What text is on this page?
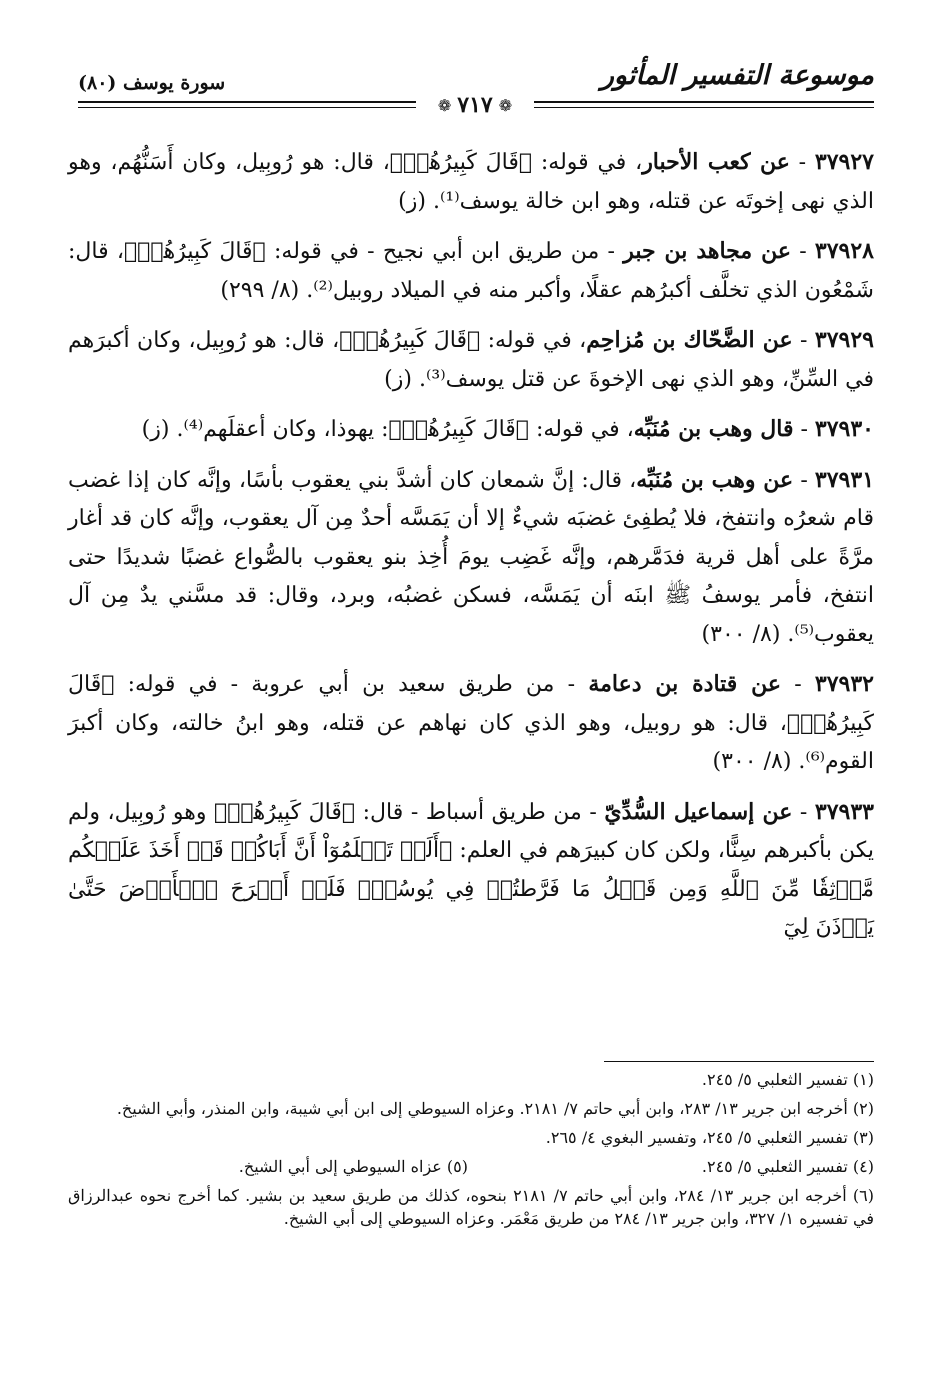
موسوعة التفسير المأثور
سورة يوسف (٨٠)
❁
٧١٧
❁

٣٧٩٢٧ - عن كعب الأحبار، في قوله: ﴿قَالَ كَبِيرُهُمۡ﴾، قال: هو رُوبِيل، وكان أَسَنُّهُم، وهو الذي نهى إخوتَه عن قتله، وهو ابن خالة يوسف⁽¹⁾. (ز)

٣٧٩٢٨ - عن مجاهد بن جبر - من طريق ابن أبي نجيح - في قوله: ﴿قَالَ كَبِيرُهُمۡ﴾، قال: شَمْعُون الذي تخلَّف أكبرُهم عقلًا، وأكبر منه في الميلاد روبيل⁽²⁾. (٨/ ٢٩٩)

٣٧٩٢٩ - عن الضَّحّاك بن مُزاحِم، في قوله: ﴿قَالَ كَبِيرُهُمۡ﴾، قال: هو رُوبِيل، وكان أكبرَهم في السِّنِّ، وهو الذي نهى الإخوةَ عن قتل يوسف⁽³⁾. (ز)

٣٧٩٣٠ - قال وهب بن مُنَبِّه، في قوله: ﴿قَالَ كَبِيرُهُمۡ﴾: يهوذا، وكان أعقلَهم⁽⁴⁾. (ز)

٣٧٩٣١ - عن وهب بن مُنَبِّه، قال: إنَّ شمعان كان أشدَّ بني يعقوب بأسًا، وإنَّه كان إذا غضب قام شعرُه وانتفخ، فلا يُطفِئ غضبَه شيءٌ إلا أن يَمَسَّه أحدٌ مِن آل يعقوب، وإنَّه كان قد أغار مرَّةً على أهل قرية فدَمَّرهم، وإنَّه غَضِب يومَ أُخِذ بنو يعقوب بالصُّواع غضبًا شديدًا حتى انتفخ، فأمر يوسفُ ﷺ ابنَه أن يَمَسَّه، فسكن غضبُه، وبرد، وقال: قد مسَّني يدٌ مِن آل يعقوب⁽⁵⁾. (٨/ ٣٠٠)

٣٧٩٣٢ - عن قتادة بن دعامة - من طريق سعيد بن أبي عروبة - في قوله: ﴿قَالَ كَبِيرُهُمۡ﴾، قال: هو روبيل، وهو الذي كان نهاهم عن قتله، وهو ابنُ خالته، وكان أكبرَ القوم⁽⁶⁾. (٨/ ٣٠٠)

٣٧٩٣٣ - عن إسماعيل السُّدِّيّ - من طريق أسباط - قال: ﴿قَالَ كَبِيرُهُمۡ﴾ وهو رُوبِيل، ولم يكن بأكبرهم سِنًّا، ولكن كان كبيرَهم في العلم: ﴿أَلَمۡ تَعۡلَمُوٓاْ أَنَّ أَبَاكُمۡ قَدۡ أَخَذَ عَلَيۡكُم مَّوۡثِقٗا مِّنَ ٱللَّهِ وَمِن قَبۡلُ مَا فَرَّطتُمۡ فِي يُوسُفَۖ فَلَنۡ أَبۡرَحَ ٱلۡأَرۡضَ حَتَّىٰ يَأۡذَنَ لِيٓ

(١) تفسير الثعلبي ٥/ ٢٤٥.

(٢) أخرجه ابن جرير ١٣/ ٢٨٣، وابن أبي حاتم ٧/ ٢١٨١. وعزاه السيوطي إلى ابن أبي شيبة، وابن المنذر، وأبي الشيخ.

(٣) تفسير الثعلبي ٥/ ٢٤٥، وتفسير البغوي ٤/ ٢٦٥.

(٤) تفسير الثعلبي ٥/ ٢٤٥.
(٥) عزاه السيوطي إلى أبي الشيخ.

(٦) أخرجه ابن جرير ١٣/ ٢٨٤، وابن أبي حاتم ٧/ ٢١٨١ بنحوه، كذلك من طريق سعيد بن بشير. كما أخرج نحوه عبدالرزاق في تفسيره ١/ ٣٢٧، وابن جرير ١٣/ ٢٨٤ من طريق مَعْمَر. وعزاه السيوطي إلى أبي الشيخ.
